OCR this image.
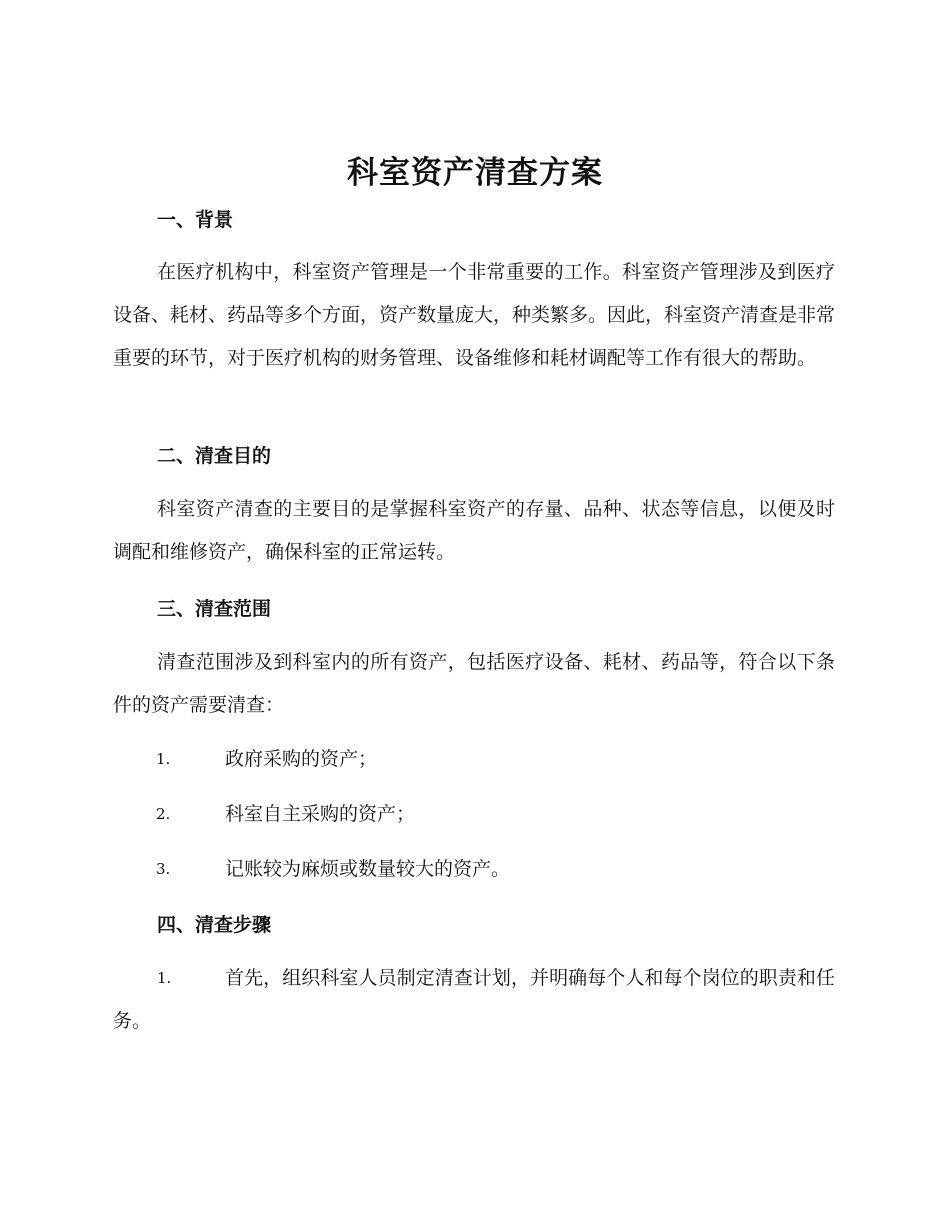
科室资产清查方案
一、背景

在医疗机构中，科室资产管理是一个非常重要的工作。科室资产管理涉及到医疗设备、耗材、药品等多个方面，资产数量庞大，种类繁多。因此，科室资产清查是非常重要的环节，对于医疗机构的财务管理、设备维修和耗材调配等工作有很大的帮助。

二、清查目的

科室资产清查的主要目的是掌握科室资产的存量、品种、状态等信息，以便及时调配和维修资产，确保科室的正常运转。

三、清查范围

清查范围涉及到科室内的所有资产，包括医疗设备、耗材、药品等，符合以下条件的资产需要清查：

1.	政府采购的资产；
2.	科室自主采购的资产；
3.	记账较为麻烦或数量较大的资产。
四、清查步骤

1.	首先，组织科室人员制定清查计划，并明确每个人和每个岗位的职责和任务。
